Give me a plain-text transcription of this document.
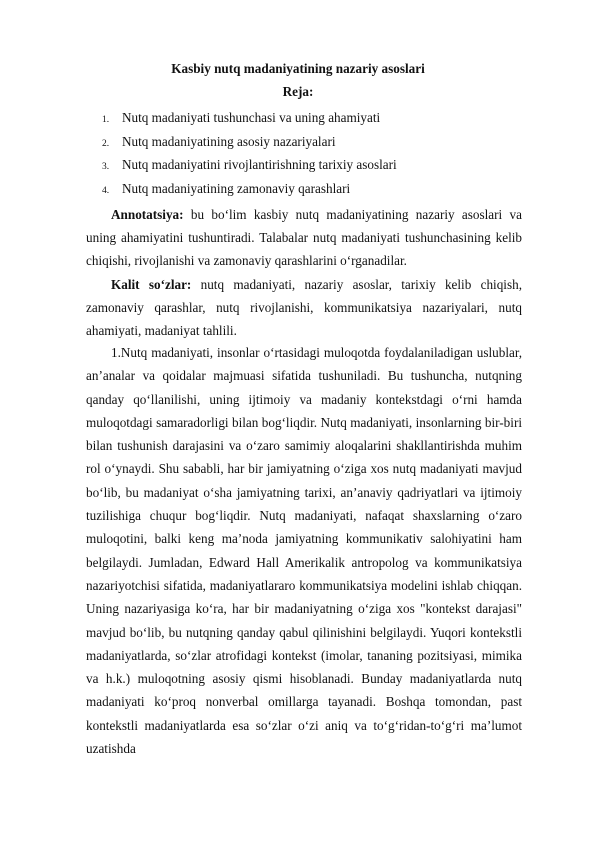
Kasbiy nutq madaniyatining nazariy asoslari
Reja:
1. Nutq madaniyati tushunchasi va uning ahamiyati
2. Nutq madaniyatining asosiy nazariyalari
3. Nutq madaniyatini rivojlantirishning tarixiy asoslari
4. Nutq madaniyatining zamonaviy qarashlari

Annotatsiya: bu bo‘lim kasbiy nutq madaniyatining nazariy asoslari va uning ahamiyatini tushuntiradi. Talabalar nutq madaniyati tushunchasining kelib chiqishi, rivojlanishi va zamonaviy qarashlarini o‘rganadilar.

Kalit so‘zlar: nutq madaniyati, nazariy asoslar, tarixiy kelib chiqish, zamonaviy qarashlar, nutq rivojlanishi, kommunikatsiya nazariyalari, nutq ahamiyati, madaniyat tahlili.

1.Nutq madaniyati, insonlar o‘rtasidagi muloqotda foydalaniladigan uslublar, an’analar va qoidalar majmuasi sifatida tushuniladi. Bu tushuncha, nutqning qanday qo‘llanilishi, uning ijtimoiy va madaniy kontekstdagi o‘rni hamda muloqotdagi samaradorligi bilan bog‘liqdir. Nutq madaniyati, insonlarning bir-biri bilan tushunish darajasini va o‘zaro samimiy aloqalarini shakllantirishda muhim rol o‘ynaydi. Shu sababli, har bir jamiyatning o‘ziga xos nutq madaniyati mavjud bo‘lib, bu madaniyat o‘sha jamiyatning tarixi, an’anaviy qadriyatlari va ijtimoiy tuzilishiga chuqur bog‘liqdir. Nutq madaniyati, nafaqat shaxslarning o‘zaro muloqotini, balki keng ma’noda jamiyatning kommunikativ salohiyatini ham belgilaydi. Jumladan, Edward Hall Amerikalik antropolog va kommunikatsiya nazariyotchisi sifatida, madaniyatlararo kommunikatsiya modelini ishlab chiqqan. Uning nazariyasiga ko‘ra, har bir madaniyatning o‘ziga xos "kontekst darajasi" mavjud bo‘lib, bu nutqning qanday qabul qilinishini belgilaydi. Yuqori kontekstli madaniyatlarda, so‘zlar atrofidagi kontekst (imolar, tananing pozitsiyasi, mimika va h.k.) muloqotning asosiy qismi hisoblanadi. Bunday madaniyatlarda nutq madaniyati ko‘proq nonverbal omillarga tayanadi. Boshqa tomondan, past kontekstli madaniyatlarda esa so‘zlar o‘zi aniq va to‘g‘ridan-to‘g‘ri ma’lumot uzatishda
